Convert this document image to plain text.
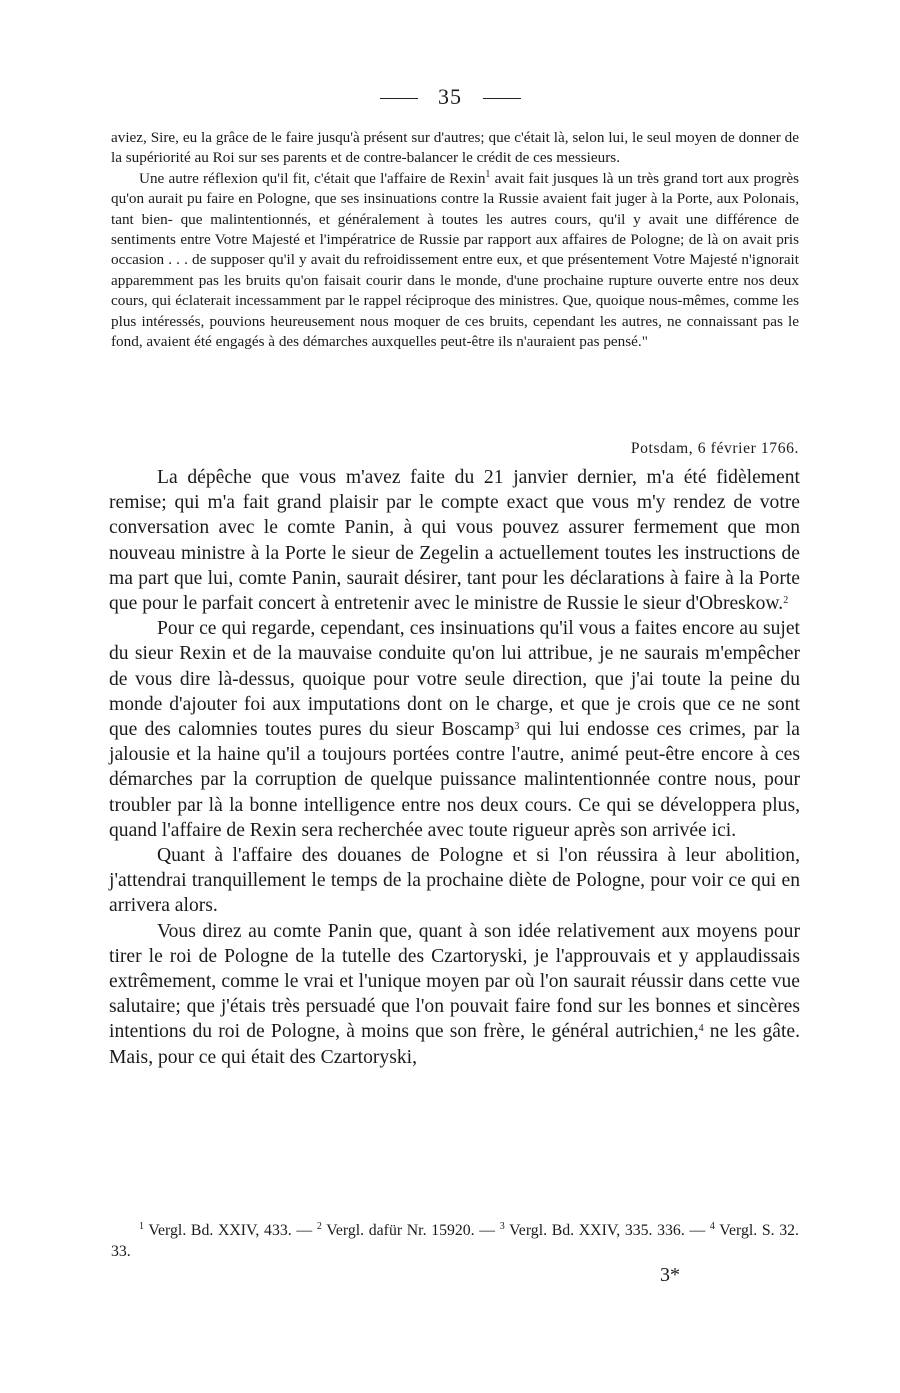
35

aviez, Sire, eu la grâce de le faire jusqu'à présent sur d'autres; que c'était là, selon lui, le seul moyen de donner de la supériorité au Roi sur ses parents et de contre-balancer le crédit de ces messieurs.

Une autre réflexion qu'il fit, c'était que l'affaire de Rexin$^1$ avait fait jusques là un très grand tort aux progrès qu'on aurait pu faire en Pologne, que ses insinuations contre la Russie avaient fait juger à la Porte, aux Polonais, tant bien- que malintentionnés, et généralement à toutes les autres cours, qu'il y avait une différence de sentiments entre Votre Majesté et l'impératrice de Russie par rapport aux affaires de Pologne; de là on avait pris occasion . . . de supposer qu'il y avait du refroidissement entre eux, et que présentement Votre Majesté n'ignorait apparemment pas les bruits qu'on faisait courir dans le monde, d'une prochaine rupture ouverte entre nos deux cours, qui éclaterait incessamment par le rappel réciproque des ministres. Que, quoique nous-mêmes, comme les plus intéressés, pouvions heureusement nous moquer de ces bruits, cependant les autres, ne connaissant pas le fond, avaient été engagés à des démarches auxquelles peut-être ils n'auraient pas pensé."

Potsdam, 6 février 1766.

La dépêche que vous m'avez faite du 21 janvier dernier, m'a été fidèlement remise; qui m'a fait grand plaisir par le compte exact que vous m'y rendez de votre conversation avec le comte Panin, à qui vous pouvez assurer fermement que mon nouveau ministre à la Porte le sieur de Zegelin a actuellement toutes les instructions de ma part que lui, comte Panin, saurait désirer, tant pour les déclarations à faire à la Porte que pour le parfait concert à entretenir avec le ministre de Russie le sieur d'Obreskow.$^2$

Pour ce qui regarde, cependant, ces insinuations qu'il vous a faites encore au sujet du sieur Rexin et de la mauvaise conduite qu'on lui attribue, je ne saurais m'empêcher de vous dire là-dessus, quoique pour votre seule direction, que j'ai toute la peine du monde d'ajouter foi aux imputations dont on le charge, et que je crois que ce ne sont que des calomnies toutes pures du sieur Boscamp$^3$ qui lui endosse ces crimes, par la jalousie et la haine qu'il a toujours portées contre l'autre, animé peut-être encore à ces démarches par la corruption de quelque puissance malintentionnée contre nous, pour troubler par là la bonne intelligence entre nos deux cours. Ce qui se développera plus, quand l'affaire de Rexin sera recherchée avec toute rigueur après son arrivée ici.

Quant à l'affaire des douanes de Pologne et si l'on réussira à leur abolition, j'attendrai tranquillement le temps de la prochaine diète de Pologne, pour voir ce qui en arrivera alors.

Vous direz au comte Panin que, quant à son idée relativement aux moyens pour tirer le roi de Pologne de la tutelle des Czartoryski, je l'approuvais et y applaudissais extrêmement, comme le vrai et l'unique moyen par où l'on saurait réussir dans cette vue salutaire; que j'étais très persuadé que l'on pouvait faire fond sur les bonnes et sincères intentions du roi de Pologne, à moins que son frère, le général autrichien,$^4$ ne les gâte. Mais, pour ce qui était des Czartoryski,

$^1$ Vergl. Bd. XXIV, 433. — $^2$ Vergl. dafür Nr. 15920. — $^3$ Vergl. Bd. XXIV, 335. 336. — $^4$ Vergl. S. 32. 33.
3*
